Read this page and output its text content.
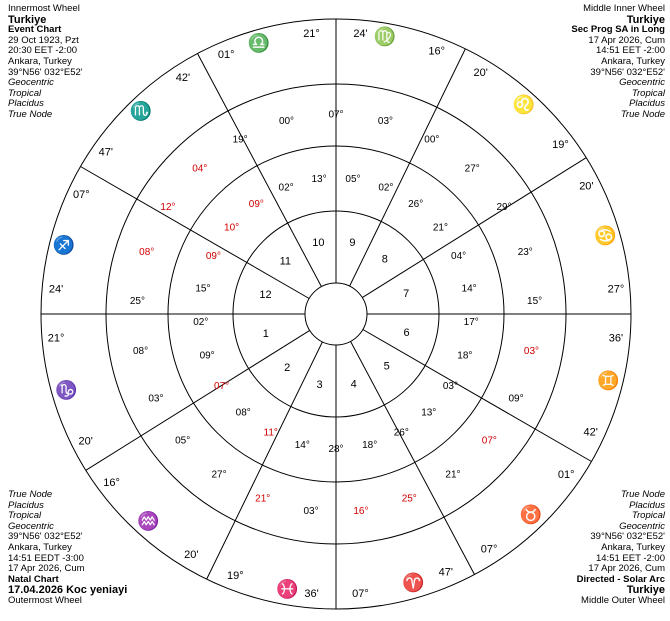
Innermost Wheel
Turkiye
Event Chart
29 Oct 1923, Pzt
20:30 EET -2:00
Ankara, Turkey
39°N56' 032°E52'
Geocentric
Tropical
Placidus
True Node
Middle Inner Wheel
Turkiye
Sec Prog SA in Long
17 Apr 2026, Cum
14:51 EET -2:00
Ankara, Turkey
39°N56' 032°E52'
Geocentric
Tropical
Placidus
True Node
True Node
Placidus
Tropical
Geocentric
39°N56' 032°E52'
Ankara, Turkey
14:51 EEDT -3:00
17 Apr 2026, Cum
Natal Chart
17.04.2026 Koc yeniayi
Outermost Wheel
True Node
Placidus
Tropical
Geocentric
39°N56' 032°E52'
Ankara, Turkey
14:51 EET -2:00
17 Apr 2026, Cum
Directed - Solar Arc
Turkiye
Middle Outer Wheel
♈
♉
♊
♋
♌
♍
♎
♏
♐
♑
♒
♓
21°
24'
16°
20'
19°
20'
07°
36'
07°
47'
42'
01°
27°
36'
19°
20'
16°
20'
21°	24'
42'
01°
07°
47'
07°
05°
03°
02°
00°
26°
27°
21°
29°
04°	23°
14°
15°
17°
03°
18°
09°
03°
07°
13°
21°
26°
25°
18°
16°
28°
03°
14°
21°
11°
27°
08°
05°
07°
03°
09°
08°
02°
25°
15°
08°	09°
12°
10°
04°
09°
19°
02°
00°
13°
1
2
3	4
5
6
7
8
9
10
11
12
